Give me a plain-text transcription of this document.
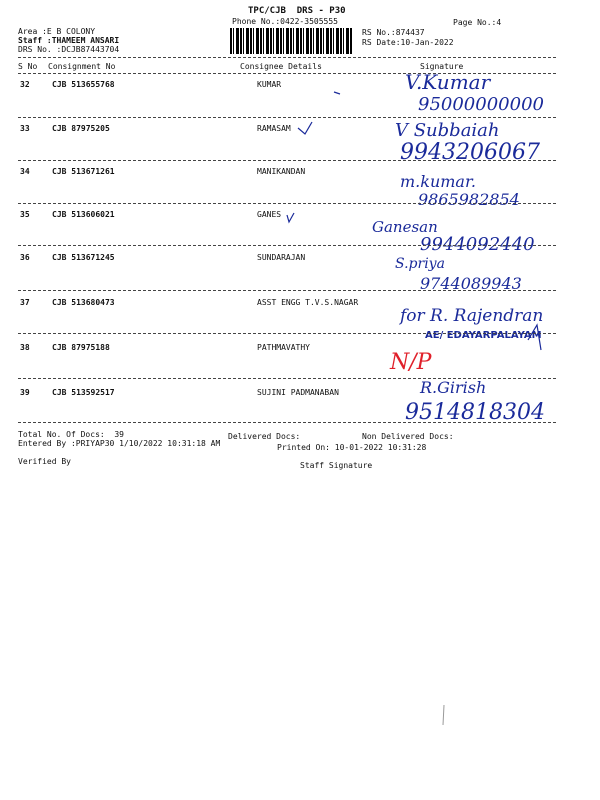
TPC/CJB  DRS - P30
Phone No.:0422-3505555	Page No.:4
Area :E B COLONY
Staff :THAMEEM ANSARI
DRS No. :DCJB87443704
RS No.:874437
RS Date:10-Jan-2022
S No Consignment No	Consignee Details	Signature
32	CJB 513655768	KUMAR	V.Kumar
95000000000
33	CJB 87975205	RAMASAM	V Subbaiah
9943206067
34	CJB 513671261	MANIKANDAN
m.kumar.
9865982854
35	CJB 513606021	GANES
Ganesan
9944092440
36	CJB 513671245	SUNDARAJAN	S.priya
9744089943
37	CJB 513680473	ASST ENGG T.V.S.NAGAR
for R. Rajendran
AE/ EDAYARPALAYAM
38	CJB 87975188	PATHMAVATHY
N/P
39	CJB 513592517	SUJINI PADMANABAN	R.Girish
9514818304
Total No. Of Docs:  39	Delivered Docs:	Non Delivered Docs:
Entered By :PRIYAP30 1/10/2022 10:31:18 AM	Printed On: 10-01-2022 10:31:28
Verified By	Staff Signature
